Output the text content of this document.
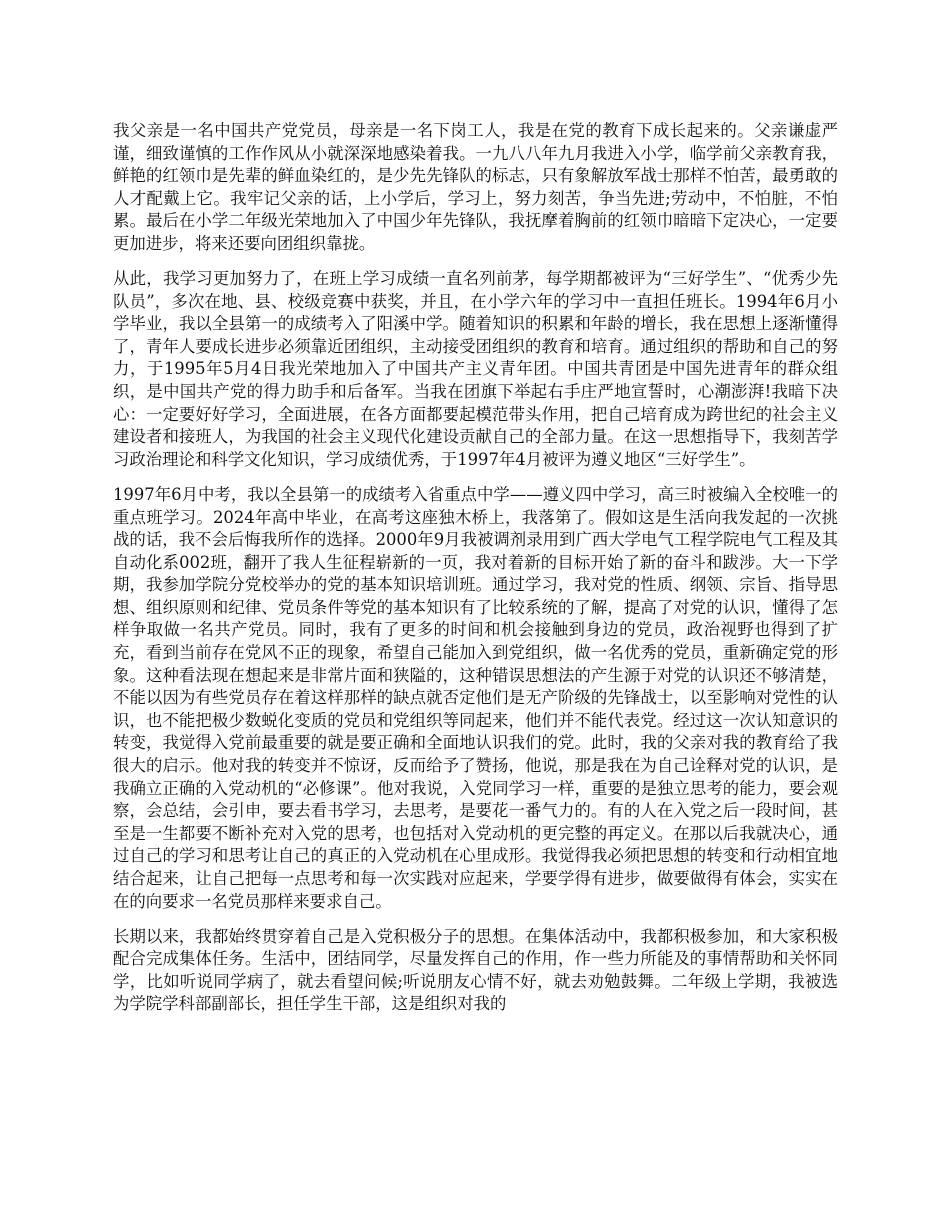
我父亲是一名中国共产党党员，母亲是一名下岗工人，我是在党的教育下成长起来的。父亲谦虚严谨，细致谨慎的工作作风从小就深深地感染着我。一九八八年九月我进入小学，临学前父亲教育我，鲜艳的红领巾是先辈的鲜血染红的，是少先先锋队的标志，只有象解放军战士那样不怕苦，最勇敢的人才配戴上它。我牢记父亲的话，上小学后，学习上，努力刻苦，争当先进;劳动中，不怕脏，不怕累。最后在小学二年级光荣地加入了中国少年先锋队，我抚摩着胸前的红领巾暗暗下定决心，一定要更加进步，将来还要向团组织靠拢。

从此，我学习更加努力了，在班上学习成绩一直名列前茅，每学期都被评为“三好学生”、“优秀少先队员”，多次在地、县、校级竞赛中获奖，并且，在小学六年的学习中一直担任班长。1994年6月小学毕业，我以全县第一的成绩考入了阳溪中学。随着知识的积累和年龄的增长，我在思想上逐渐懂得了，青年人要成长进步必须靠近团组织，主动接受团组织的教育和培育。通过组织的帮助和自己的努力，于1995年5月4日我光荣地加入了中国共产主义青年团。中国共青团是中国先进青年的群众组织，是中国共产党的得力助手和后备军。当我在团旗下举起右手庄严地宣誓时，心潮澎湃!我暗下决心：一定要好好学习，全面进展，在各方面都要起模范带头作用，把自己培育成为跨世纪的社会主义建设者和接班人，为我国的社会主义现代化建设贡献自己的全部力量。在这一思想指导下，我刻苦学习政治理论和科学文化知识，学习成绩优秀，于1997年4月被评为遵义地区“三好学生”。

1997年6月中考，我以全县第一的成绩考入省重点中学——遵义四中学习，高三时被编入全校唯一的重点班学习。2024年高中毕业，在高考这座独木桥上，我落第了。假如这是生活向我发起的一次挑战的话，我不会后悔我所作的选择。2000年9月我被调剂录用到广西大学电气工程学院电气工程及其自动化系002班，翻开了我人生征程崭新的一页，我对着新的目标开始了新的奋斗和跋涉。大一下学期，我参加学院分党校举办的党的基本知识培训班。通过学习，我对党的性质、纲领、宗旨、指导思想、组织原则和纪律、党员条件等党的基本知识有了比较系统的了解，提高了对党的认识，懂得了怎样争取做一名共产党员。同时，我有了更多的时间和机会接触到身边的党员，政治视野也得到了扩充，看到当前存在党风不正的现象，希望自己能加入到党组织，做一名优秀的党员，重新确定党的形象。这种看法现在想起来是非常片面和狭隘的，这种错误思想法的产生源于对党的认识还不够清楚，不能以因为有些党员存在着这样那样的缺点就否定他们是无产阶级的先锋战士，以至影响对党性的认识，也不能把极少数蜕化变质的党员和党组织等同起来，他们并不能代表党。经过这一次认知意识的转变，我觉得入党前最重要的就是要正确和全面地认识我们的党。此时，我的父亲对我的教育给了我很大的启示。他对我的转变并不惊讶，反而给予了赞扬，他说，那是我在为自己诠释对党的认识，是我确立正确的入党动机的“必修课”。他对我说，入党同学习一样，重要的是独立思考的能力，要会观察，会总结，会引申，要去看书学习，去思考，是要花一番气力的。有的人在入党之后一段时间，甚至是一生都要不断补充对入党的思考，也包括对入党动机的更完整的再定义。在那以后我就决心，通过自己的学习和思考让自己的真正的入党动机在心里成形。我觉得我必须把思想的转变和行动相宜地结合起来，让自己把每一点思考和每一次实践对应起来，学要学得有进步，做要做得有体会，实实在在的向要求一名党员那样来要求自己。

长期以来，我都始终贯穿着自己是入党积极分子的思想。在集体活动中，我都积极参加，和大家积极配合完成集体任务。生活中，团结同学，尽量发挥自己的作用，作一些力所能及的事情帮助和关怀同学，比如听说同学病了，就去看望问候;听说朋友心情不好，就去劝勉鼓舞。二年级上学期，我被选为学院学科部副部长，担任学生干部，这是组织对我的
